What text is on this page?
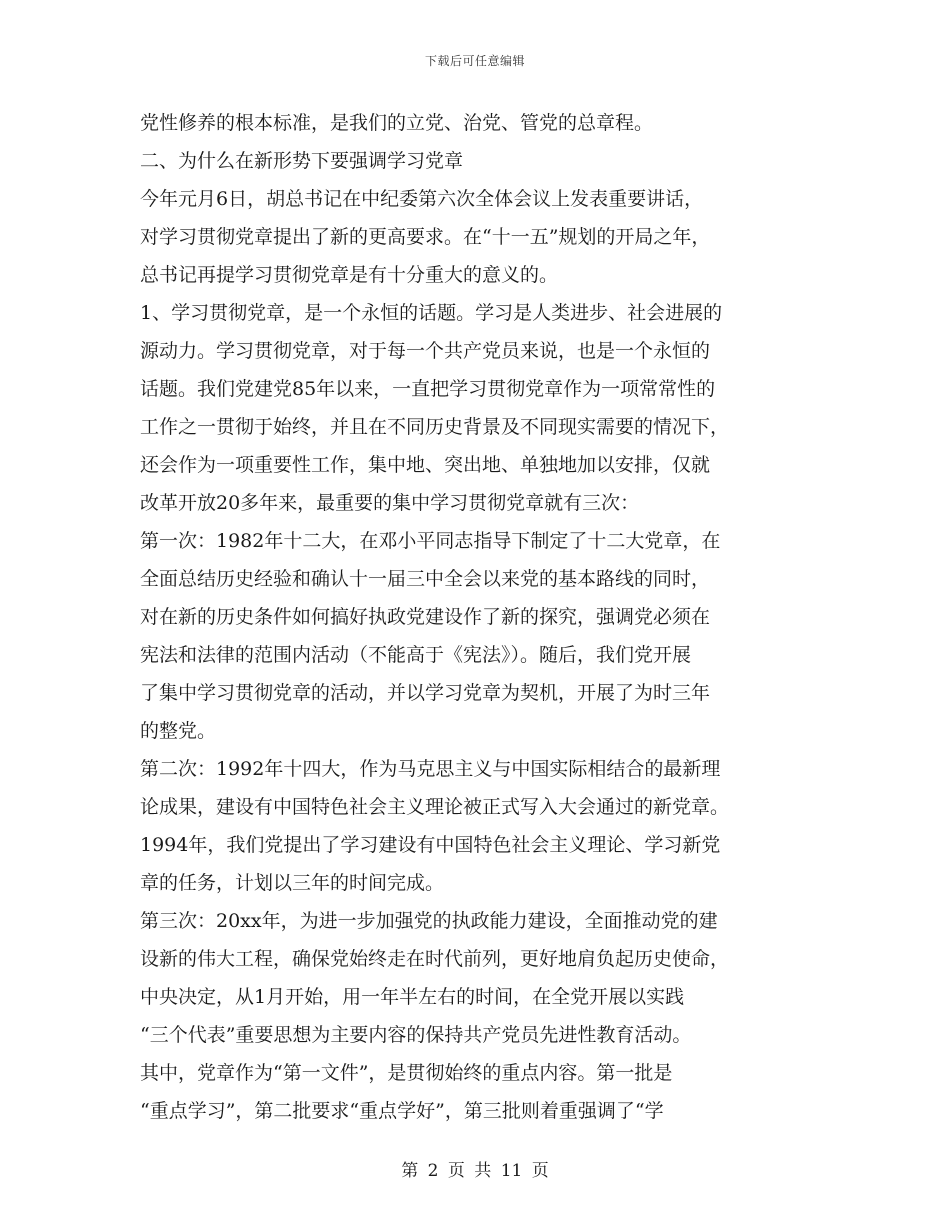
下载后可任意编辑
党性修养的根本标准，是我们的立党、治党、管党的总章程。
二、为什么在新形势下要强调学习党章
今年元月6日，胡总书记在中纪委第六次全体会议上发表重要讲话，
对学习贯彻党章提出了新的更高要求。在“十一五”规划的开局之年，
总书记再提学习贯彻党章是有十分重大的意义的。
1、学习贯彻党章，是一个永恒的话题。学习是人类进步、社会进展的
源动力。学习贯彻党章，对于每一个共产党员来说，也是一个永恒的
话题。我们党建党85年以来，一直把学习贯彻党章作为一项常常性的
工作之一贯彻于始终，并且在不同历史背景及不同现实需要的情况下，
还会作为一项重要性工作，集中地、突出地、单独地加以安排，仅就
改革开放20多年来，最重要的集中学习贯彻党章就有三次：
第一次：1982年十二大，在邓小平同志指导下制定了十二大党章，在
全面总结历史经验和确认十一届三中全会以来党的基本路线的同时，
对在新的历史条件如何搞好执政党建设作了新的探究，强调党必须在
宪法和法律的范围内活动（不能高于《宪法》）。随后，我们党开展
了集中学习贯彻党章的活动，并以学习党章为契机，开展了为时三年
的整党。
第二次：1992年十四大，作为马克思主义与中国实际相结合的最新理
论成果，建设有中国特色社会主义理论被正式写入大会通过的新党章。
1994年，我们党提出了学习建设有中国特色社会主义理论、学习新党
章的任务，计划以三年的时间完成。
第三次：20xx年，为进一步加强党的执政能力建设，全面推动党的建
设新的伟大工程，确保党始终走在时代前列，更好地肩负起历史使命，
中央决定，从1月开始，用一年半左右的时间，在全党开展以实践
“三个代表”重要思想为主要内容的保持共产党员先进性教育活动。
其中，党章作为“第一文件”，是贯彻始终的重点内容。第一批是
“重点学习”，第二批要求“重点学好”，第三批则着重强调了“学
第 2 页 共 11 页
